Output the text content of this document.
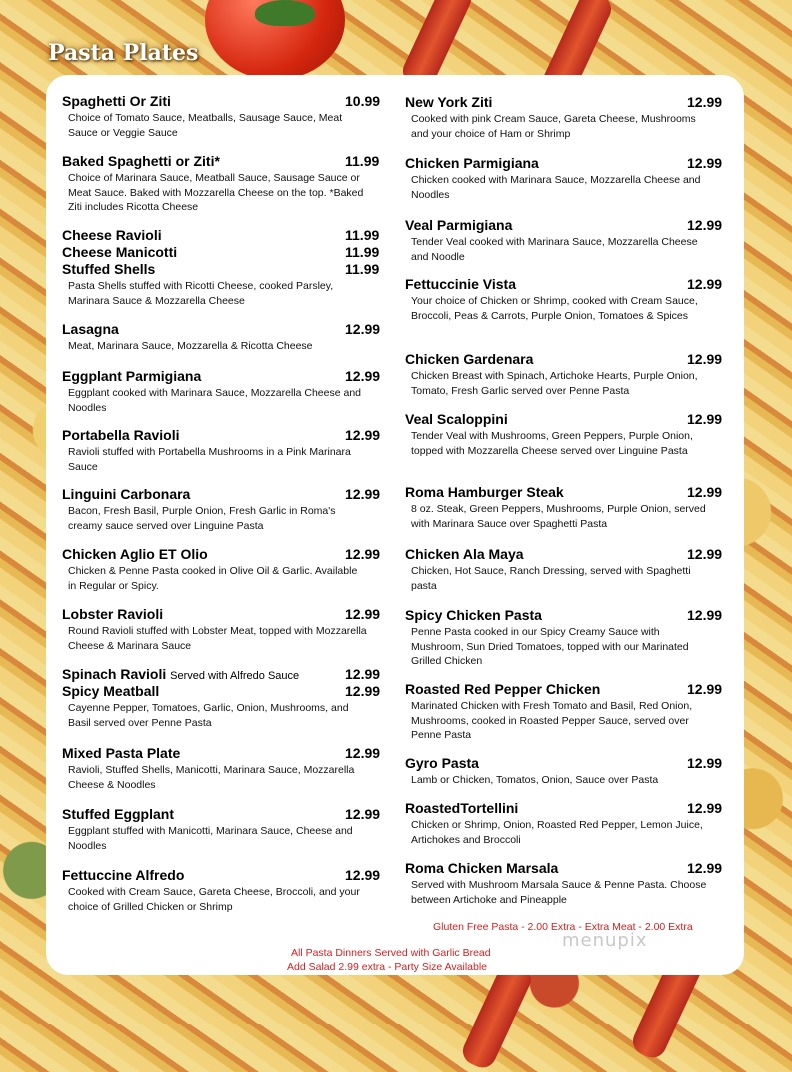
Pasta Plates
Spaghetti Or Ziti	10.99

Choice of Tomato Sauce, Meatballs, Sausage Sauce, Meat Sauce or Veggie Sauce

Baked Spaghetti or Ziti*	11.99

Choice of Marinara Sauce, Meatball Sauce, Sausage Sauce or Meat Sauce. Baked with Mozzarella Cheese on the top. *Baked Ziti includes Ricotta Cheese

Cheese Ravioli	11.99
Cheese Manicotti	11.99
Stuffed Shells	11.99

Pasta Shells stuffed with Ricotti Cheese, cooked Parsley, Marinara Sauce & Mozzarella Cheese

Lasagna	12.99

Meat, Marinara Sauce, Mozzarella & Ricotta Cheese

Eggplant Parmigiana	12.99

Eggplant cooked with Marinara Sauce, Mozzarella Cheese and Noodles

Portabella Ravioli	12.99

Ravioli stuffed with Portabella Mushrooms in a Pink Marinara Sauce

Linguini Carbonara	12.99

Bacon, Fresh Basil, Purple Onion, Fresh Garlic in Roma's creamy sauce served over Linguine Pasta

Chicken Aglio ET Olio	12.99

Chicken & Penne Pasta cooked in Olive Oil & Garlic. Available in Regular or Spicy.

Lobster Ravioli	12.99

Round Ravioli stuffed with Lobster Meat, topped with Mozzarella Cheese & Marinara Sauce

Spinach Ravioli Served with Alfredo Sauce	12.99
Spicy Meatball	12.99

Cayenne Pepper, Tomatoes, Garlic, Onion, Mushrooms, and Basil served over Penne Pasta

Mixed Pasta Plate	12.99

Ravioli, Stuffed Shells, Manicotti, Marinara Sauce, Mozzarella Cheese & Noodles

Stuffed Eggplant	12.99

Eggplant stuffed with Manicotti, Marinara Sauce, Cheese and Noodles

Fettuccine Alfredo	12.99

Cooked with Cream Sauce, Gareta Cheese, Broccoli, and your choice of Grilled Chicken or Shrimp

New York Ziti	12.99

Cooked with pink Cream Sauce, Gareta Cheese, Mushrooms and your choice of Ham or Shrimp

Chicken Parmigiana	12.99

Chicken cooked with Marinara Sauce, Mozzarella Cheese and Noodles

Veal Parmigiana	12.99

Tender Veal cooked with Marinara Sauce, Mozzarella Cheese and Noodle

Fettuccinie Vista	12.99

Your choice of Chicken or Shrimp, cooked with Cream Sauce, Broccoli, Peas & Carrots, Purple Onion, Tomatoes & Spices

Chicken Gardenara	12.99

Chicken Breast with Spinach, Artichoke Hearts, Purple Onion, Tomato, Fresh Garlic served over Penne Pasta

Veal Scaloppini	12.99

Tender Veal with Mushrooms, Green Peppers, Purple Onion, topped with Mozzarella Cheese served over Linguine Pasta

Roma Hamburger Steak	12.99

8 oz. Steak, Green Peppers, Mushrooms, Purple Onion, served with Marinara Sauce over Spaghetti Pasta

Chicken Ala Maya	12.99

Chicken, Hot Sauce, Ranch Dressing, served with Spaghetti pasta

Spicy Chicken Pasta	12.99

Penne Pasta cooked in our Spicy Creamy Sauce with Mushroom, Sun Dried Tomatoes, topped with our Marinated Grilled Chicken

Roasted Red Pepper Chicken	12.99

Marinated Chicken with Fresh Tomato and Basil, Red Onion, Mushrooms, cooked in Roasted Pepper Sauce, served over Penne Pasta

Gyro Pasta	12.99

Lamb or Chicken, Tomatos, Onion, Sauce over Pasta

RoastedTortellini	12.99

Chicken or Shrimp, Onion, Roasted Red Pepper, Lemon Juice, Artichokes and Broccoli

Roma Chicken Marsala	12.99

Served with Mushroom Marsala Sauce & Penne Pasta. Choose between Artichoke and Pineapple

Gluten Free Pasta - 2.00 Extra - Extra Meat - 2.00 Extra
All Pasta Dinners Served with Garlic Bread
Add Salad 2.99 extra - Party Size Available
menupix
